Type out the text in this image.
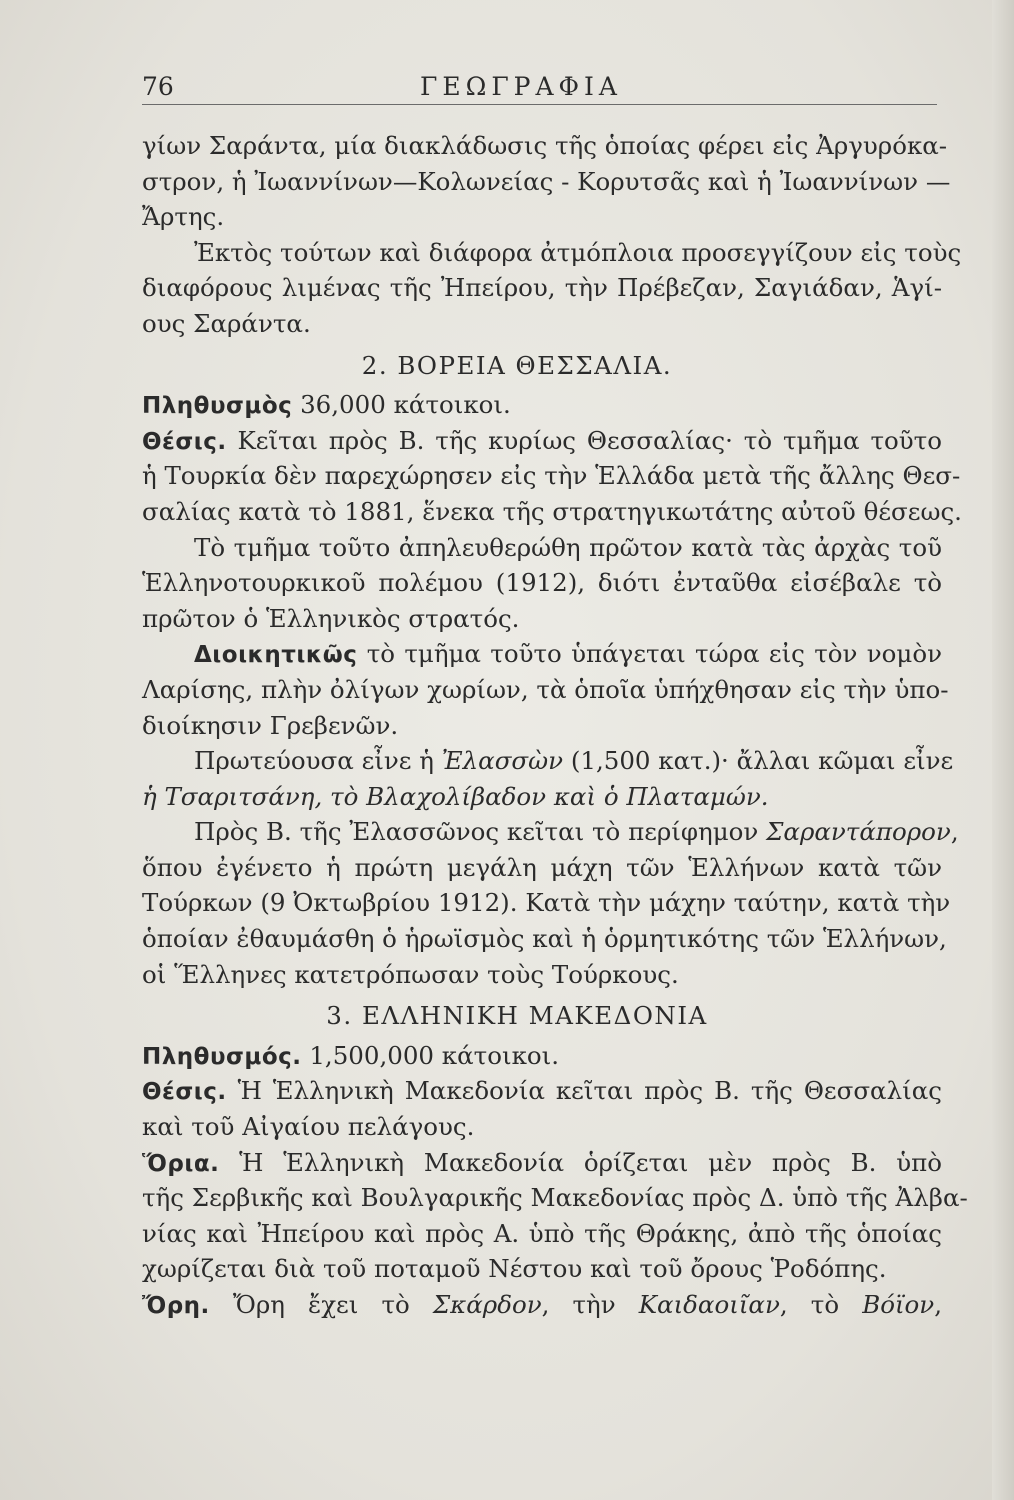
76	ΓΕΩΓΡΑΦΙΑ
γίων Σαράντα, μία διακλάδωσις τῆς ὁποίας φέρει εἰς Ἀργυρόκα-
στρον, ἡ Ἰωαννίνων—Κολωνείας - Κορυτσᾶς καὶ ἡ Ἰωαννίνων —
Ἄρτης.
Ἐκτὸς τούτων καὶ διάφορα ἀτμόπλοια προσεγγίζουν εἰς τοὺς
διαφόρους λιμένας τῆς Ἠπείρου, τὴν Πρέβεζαν, Σαγιάδαν, Ἁγί-
ους Σαράντα.
2. ΒΟΡΕΙΑ ΘΕΣΣΑΛΙΑ.
Πληθυσμὸς 36,000 κάτοικοι.
Θέσις. Κεῖται πρὸς Β. τῆς κυρίως Θεσσαλίας· τὸ τμῆμα τοῦτο
ἡ Τουρκία δὲν παρεχώρησεν εἰς τὴν Ἑλλάδα μετὰ τῆς ἄλλης Θεσ-
σαλίας κατὰ τὸ 1881, ἕνεκα τῆς στρατηγικωτάτης αὐτοῦ θέσεως.
Τὸ τμῆμα τοῦτο ἀπηλευθερώθη πρῶτον κατὰ τὰς ἀρχὰς τοῦ
Ἑλληνοτουρκικοῦ πολέμου (1912), διότι ἐνταῦθα εἰσέβαλε τὸ
πρῶτον ὁ Ἑλληνικὸς στρατός.
Διοικητικῶς τὸ τμῆμα τοῦτο ὑπάγεται τώρα εἰς τὸν νομὸν
Λαρίσης, πλὴν ὀλίγων χωρίων, τὰ ὁποῖα ὑπήχθησαν εἰς τὴν ὑπο-
διοίκησιν Γρεβενῶν.
Πρωτεύουσα εἶνε ἡ Ἐλασσὼν (1,500 κατ.)· ἄλλαι κῶμαι εἶνε
ἡ Τσαριτσάνη, τὸ Βλαχολίβαδον καὶ ὁ Πλαταμών.
Πρὸς Β. τῆς Ἐλασσῶνος κεῖται τὸ περίφημον Σαραντάπορον,
ὅπου ἐγένετο ἡ πρώτη μεγάλη μάχη τῶν Ἑλλήνων κατὰ τῶν
Τούρκων (9 Ὀκτωβρίου 1912). Κατὰ τὴν μάχην ταύτην, κατὰ τὴν
ὁποίαν ἐθαυμάσθη ὁ ἡρωϊσμὸς καὶ ἡ ὁρμητικότης τῶν Ἑλλήνων,
οἱ Ἕλληνες κατετρόπωσαν τοὺς Τούρκους.
3. ΕΛΛΗΝΙΚΗ ΜΑΚΕΔΟΝΙΑ
Πληθυσμός. 1,500,000 κάτοικοι.
Θέσις. Ἡ Ἑλληνικὴ Μακεδονία κεῖται πρὸς Β. τῆς Θεσσαλίας
καὶ τοῦ Αἰγαίου πελάγους.
Ὅρια. Ἡ Ἑλληνικὴ Μακεδονία ὁρίζεται μὲν πρὸς Β. ὑπὸ
τῆς Σερβικῆς καὶ Βουλγαρικῆς Μακεδονίας πρὸς Δ. ὑπὸ τῆς Ἀλβα-
νίας καὶ Ἠπείρου καὶ πρὸς Α. ὑπὸ τῆς Θράκης, ἀπὸ τῆς ὁποίας
χωρίζεται διὰ τοῦ ποταμοῦ Νέστου καὶ τοῦ ὄρους Ῥοδόπης.
Ὄρη. Ὄρη ἔχει τὸ Σκάρδον, τὴν Καιδαοιῖαν, τὸ Βόϊον,
